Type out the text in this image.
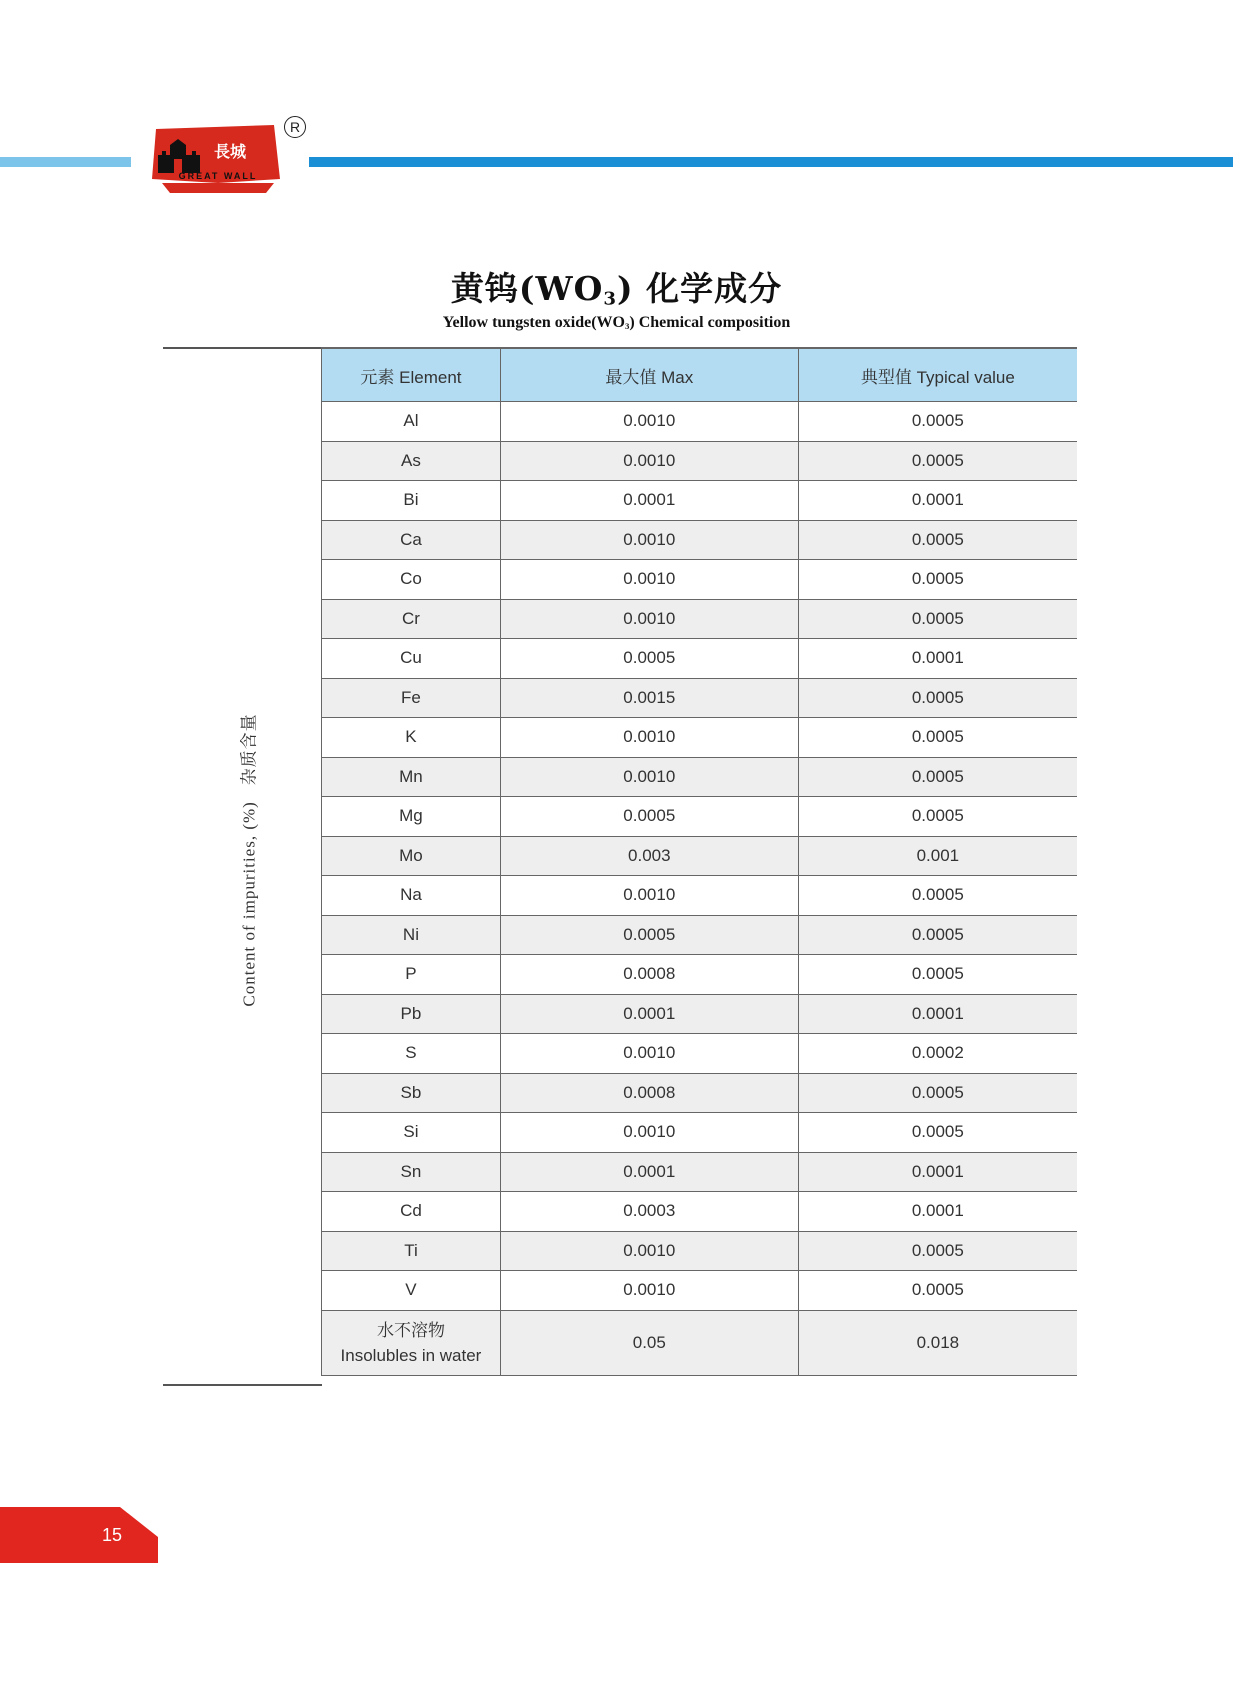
長城
GREAT WALL
R
黄钨$(WO_3)$ 化学成分
Yellow tungsten $oxide(WO_3)$ Chemical composition
Content of impurities, (%)   杂质含量
元素 Element	最大值 Max	典型值 Typical value
Al	0.0010	0.0005
As	0.0010	0.0005
Bi	0.0001	0.0001
Ca	0.0010	0.0005
Co	0.0010	0.0005
Cr	0.0010	0.0005
Cu	0.0005	0.0001
Fe	0.0015	0.0005
K	0.0010	0.0005
Mn	0.0010	0.0005
Mg	0.0005	0.0005
Mo	0.003	0.001
Na	0.0010	0.0005
Ni	0.0005	0.0005
P	0.0008	0.0005
Pb	0.0001	0.0001
S	0.0010	0.0002
Sb	0.0008	0.0005
Si	0.0010	0.0005
Sn	0.0001	0.0001
Cd	0.0003	0.0001
Ti	0.0010	0.0005
V	0.0010	0.0005

水不溶物
Insolubles in water	0.05	0.018
15
